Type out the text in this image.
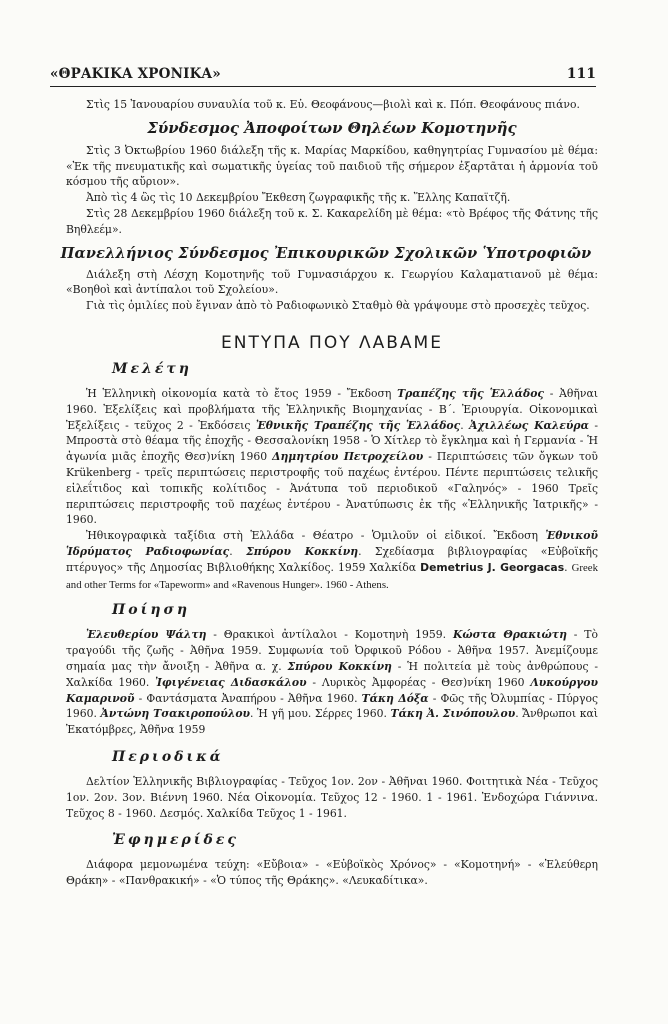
«ΘΡΑΚΙΚΑ ΧΡΟΝΙΚΑ»	111

Στὶς 15 Ἰανουαρίου συναυλία τοῦ κ. Εὐ. Θεοφάνους—βιολὶ καὶ κ. Πόπ. Θεοφάνους πιάνο.

Σύνδεσμος Ἀποφοίτων Θηλέων Κομοτηνῆς

Στὶς 3 Ὀκτωβρίου 1960 διάλεξη τῆς κ. Μαρίας Μαρκίδου, καθηγητρίας Γυμνασίου μὲ θέμα: «Ἐκ τῆς πνευματικῆς καὶ σωματικῆς ὑγείας τοῦ παιδιοῦ τῆς σήμερον ἐξαρτᾶται ἡ ἁρμονία τοῦ κόσμου τῆς αὔριον».

Ἀπὸ τὶς 4 ὣς τὶς 10 Δεκεμβρίου Ἔκθεση ζωγραφικῆς τῆς κ. Ἕλλης Καπαϊτζῆ.

Στὶς 28 Δεκεμβρίου 1960 διάλεξη τοῦ κ. Σ. Κακαρελίδη μὲ θέμα: «τὸ Βρέφος τῆς Φάτνης τῆς Βηθλεέμ».

Πανελλήνιος Σύνδεσμος Ἐπικουρικῶν Σχολικῶν Ὑποτροφιῶν

Διάλεξη στὴ Λέσχη Κομοτηνῆς τοῦ Γυμνασιάρχου κ. Γεωργίου Καλαματιανοῦ μὲ θέμα: «Βοηθοὶ καὶ ἀντίπαλοι τοῦ Σχολείου».

Γιὰ τὶς ὁμιλίες ποὺ ἔγιναν ἀπὸ τὸ Ραδιοφωνικὸ Σταθμὸ θὰ γράψουμε στὸ προσεχὲς τεῦχος.

ΕΝΤΥΠΑ ΠΟΥ ΛΑΒΑΜΕ
Μελέτη

Ἡ Ἑλληνικὴ οἰκονομία κατὰ τὸ ἔτος 1959 - Ἔκδοση Τραπέζης τῆς Ἑλλάδος - Ἀθῆναι 1960. Ἐξελίξεις καὶ προβλήματα τῆς Ἑλληνικῆς Βιομηχανίας - Β΄. Ἐριουργία. Οἰκονομικαὶ Ἐξελίξεις - τεῦχος 2 - Ἐκδόσεις Ἐθνικῆς Τραπέζης τῆς Ἑλλάδος. Ἀχιλλέως Καλεύρα - Μπροστὰ στὸ θέαμα τῆς ἐποχῆς - Θεσσαλονίκη 1958 - Ὁ Χίτλερ τὸ ἔγκλημα καὶ ἡ Γερμανία - Ἡ ἀγωνία μιᾶς ἐποχῆς Θεσ)νίκη 1960 Δημητρίου Πετροχείλου - Περιπτώσεις τῶν ὄγκων τοῦ Krükenberg - τρεῖς περιπτώσεις περιστροφῆς τοῦ παχέως ἐντέρου. Πέντε περιπτώσεις τελικῆς εἰλεΐτιδος καὶ τοπικῆς κολίτιδος - Ἀνάτυπα τοῦ περιοδικοῦ «Γαληνός» - 1960 Τρεῖς περιπτώσεις περιστροφῆς τοῦ παχέως ἐντέρου - Ἀνατύπωσις ἐκ τῆς «Ἑλληνικῆς Ἰατρικῆς» - 1960.

Ἠθικογραφικὰ ταξίδια στὴ Ἑλλάδα - Θέατρο - Ὁμιλοῦν οἱ εἰδικοί. Ἔκδοση Ἐθνικοῦ Ἱδρύματος Ραδιοφωνίας. Σπύρου Κοκκίνη. Σχεδίασμα βιβλιογραφίας «Εὐβοϊκῆς πτέρυγος» τῆς Δημοσίας Βιβλιοθήκης Χαλκίδος. 1959 Χαλκίδα Demetrius J. Georgacas. Greek and other Terms for «Tapeworm» and «Ravenous Hunger». 1960 - Athens.

Ποίηση

Ἐλευθερίου Ψάλτη - Θρακικοὶ ἀντίλαλοι - Κομοτηνὴ 1959. Κώστα Θρακιώτη - Τὸ τραγούδι τῆς ζωῆς - Ἀθῆνα 1959. Συμφωνία τοῦ Ὀρφικοῦ Ρόδου - Ἀθῆνα 1957. Ἀνεμίζουμε σημαία μας τὴν ἄνοιξη - Ἀθῆνα α. χ. Σπύρου Κοκκίνη - Ἡ πολιτεία μὲ τοὺς ἀνθρώπους - Χαλκίδα 1960. Ἰφιγένειας Διδασκάλου - Λυρικὸς Ἀμφορέας - Θεσ)νίκη 1960 Λυκούργου Καμαρινοῦ - Φαντάσματα Ἀναπήρου - Ἀθῆνα 1960. Τάκη Δόξα - Φῶς τῆς Ὀλυμπίας - Πύργος 1960. Ἀντώνη Τσακιροπούλου. Ἡ γῆ μου. Σέρρες 1960. Τάκη Ἀ. Σινόπουλου. Ἄνθρωποι καὶ Ἐκατόμβρες, Ἀθῆνα 1959

Περιοδικά

Δελτίον Ἑλληνικῆς Βιβλιογραφίας - Τεῦχος 1ον. 2ον - Ἀθῆναι 1960. Φοιτητικὰ Νέα - Τεῦχος 1ον. 2ον. 3ον. Βιέννη 1960. Νέα Οἰκονομία. Τεῦχος 12 - 1960. 1 - 1961. Ἐνδοχώρα Γιάννινα. Τεῦχος 8 - 1960. Δεσμός. Χαλκίδα Τεῦχος 1 - 1961.

Ἐφημερίδες

Διάφορα μεμονωμένα τεύχη: «Εὔβοια» - «Εὐβοϊκὸς Χρόνος» - «Κομοτηνή» - «Ἐλεύθερη Θράκη» - «Πανθρακική» - «Ὁ τύπος τῆς Θράκης». «Λευκαδίτικα».
